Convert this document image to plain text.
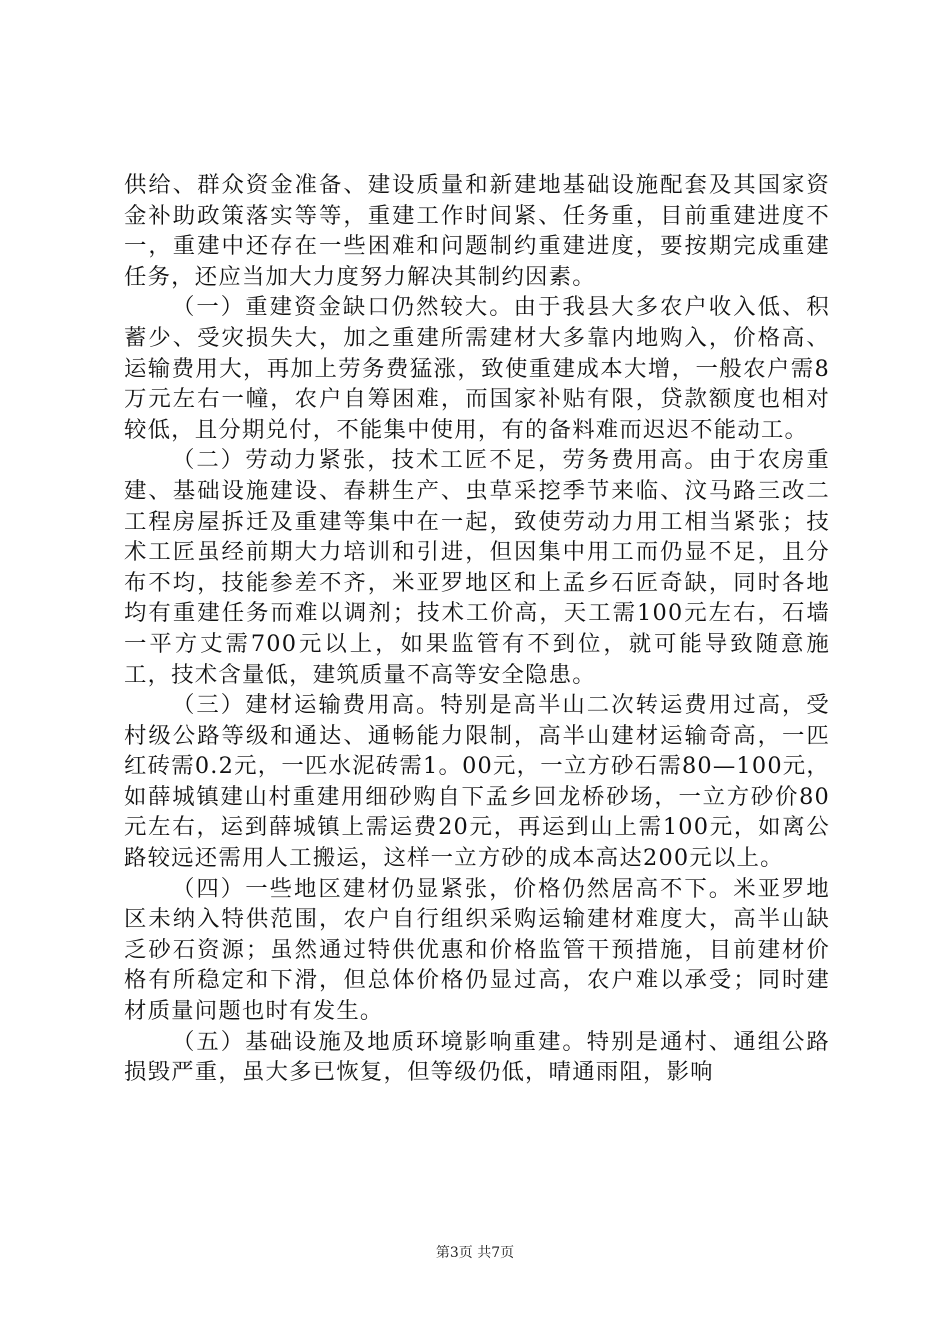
供给、群众资金准备、建设质量和新建地基础设施配套及其国家资金补助政策落实等等，重建工作时间紧、任务重，目前重建进度不一，重建中还存在一些困难和问题制约重建进度，要按期完成重建任务，还应当加大力度努力解决其制约因素。

（一）重建资金缺口仍然较大。由于我县大多农户收入低、积蓄少、受灾损失大，加之重建所需建材大多靠内地购入，价格高、运输费用大，再加上劳务费猛涨，致使重建成本大增，一般农户需8万元左右一幢，农户自筹困难，而国家补贴有限，贷款额度也相对较低，且分期兑付，不能集中使用，有的备料难而迟迟不能动工。

（二）劳动力紧张，技术工匠不足，劳务费用高。由于农房重建、基础设施建设、春耕生产、虫草采挖季节来临、汶马路三改二工程房屋拆迁及重建等集中在一起，致使劳动力用工相当紧张；技术工匠虽经前期大力培训和引进，但因集中用工而仍显不足，且分布不均，技能参差不齐，米亚罗地区和上孟乡石匠奇缺，同时各地均有重建任务而难以调剂；技术工价高，天工需100元左右，石墙一平方丈需700元以上，如果监管有不到位，就可能导致随意施工，技术含量低，建筑质量不高等安全隐患。

（三）建材运输费用高。特别是高半山二次转运费用过高，受村级公路等级和通达、通畅能力限制，高半山建材运输奇高，一匹红砖需0.2元，一匹水泥砖需1。00元，一立方砂石需80—100元，如薛城镇建山村重建用细砂购自下孟乡回龙桥砂场，一立方砂价80元左右，运到薛城镇上需运费20元，再运到山上需100元，如离公路较远还需用人工搬运，这样一立方砂的成本高达200元以上。

（四）一些地区建材仍显紧张，价格仍然居高不下。米亚罗地区未纳入特供范围，农户自行组织采购运输建材难度大，高半山缺乏砂石资源；虽然通过特供优惠和价格监管干预措施，目前建材价格有所稳定和下滑，但总体价格仍显过高，农户难以承受；同时建材质量问题也时有发生。

（五）基础设施及地质环境影响重建。特别是通村、通组公路损毁严重，虽大多已恢复，但等级仍低，晴通雨阻，影响

第3页 共7页
